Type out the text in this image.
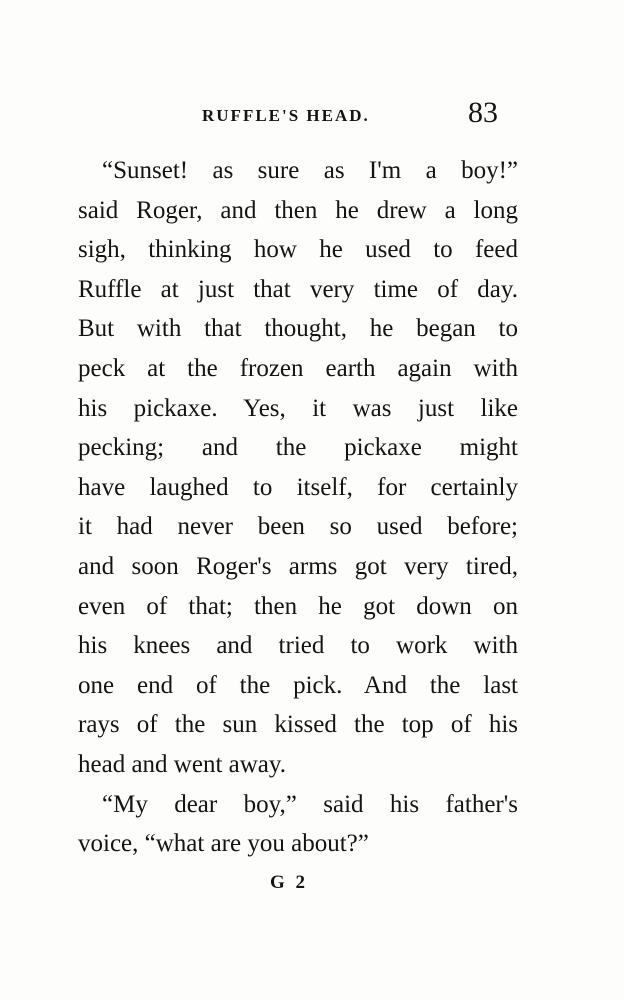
RUFFLE'S HEAD.	83
“Sunset! as sure as I'm a boy!”
said Roger, and then he drew a long
sigh, thinking how he used to feed
Ruffle at just that very time of day.
But with that thought, he began to
peck at the frozen earth again with
his pickaxe. Yes, it was just like
pecking; and the pickaxe might
have laughed to itself, for certainly
it had never been so used before;
and soon Roger's arms got very tired,
even of that; then he got down on
his knees and tried to work with
one end of the pick. And the last
rays of the sun kissed the top of his
head and went away.
“My dear boy,” said his father's
voice, “what are you about?”
G 2
